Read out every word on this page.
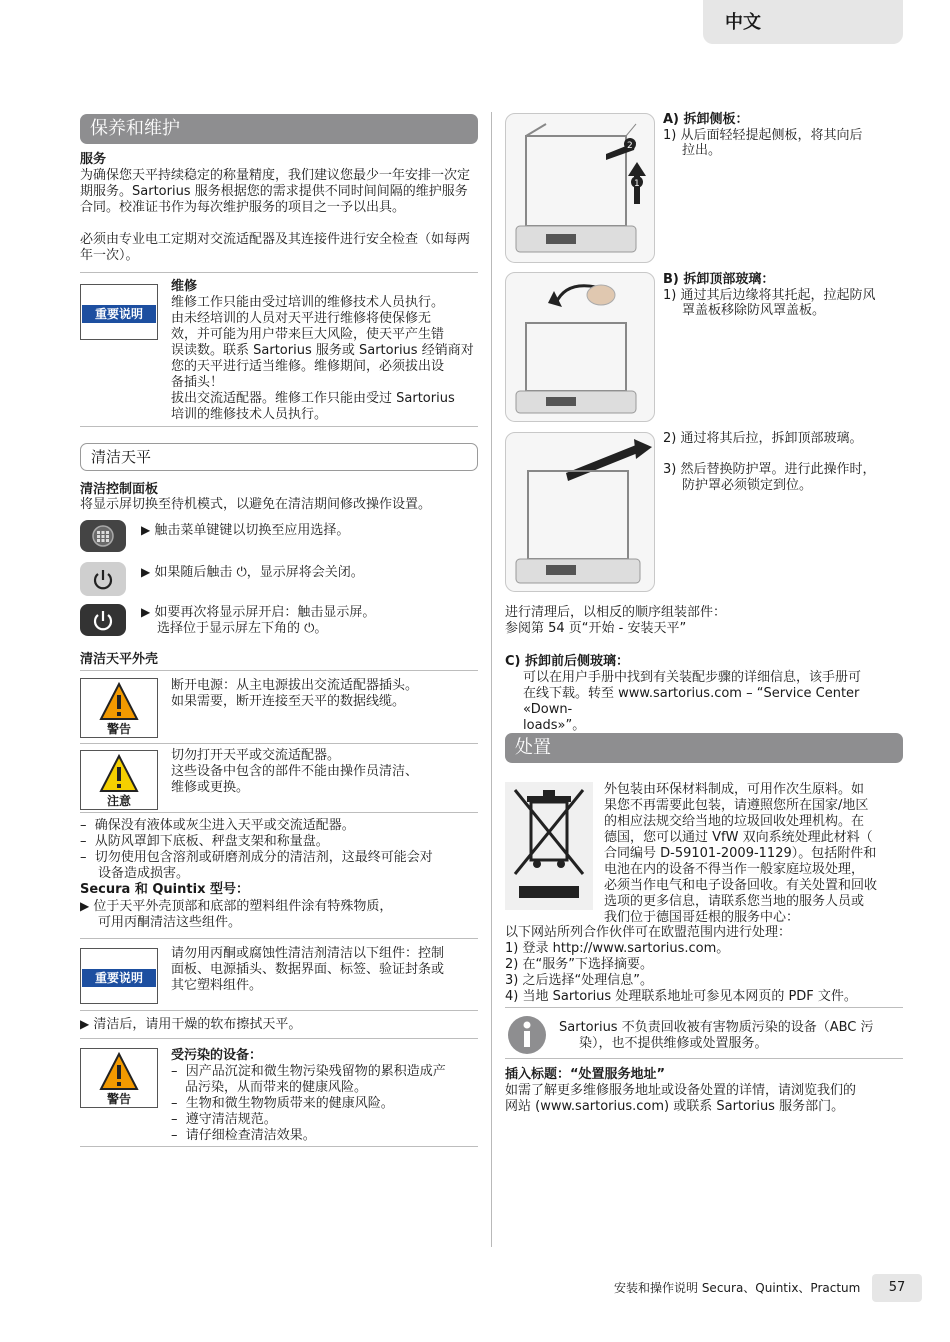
中文
保养和维护
服务
为确保您天平持续稳定的称量精度，我们建议您最少一年安排一次定期服务。Sartorius 服务根据您的需求提供不同时间间隔的维护服务合同。校准证书作为每次维护服务的项目之一予以出具。
必须由专业电工定期对交流适配器及其连接件进行安全检查（如每两年一次）。
重要说明
维修
维修工作只能由受过培训的维修技术人员执行。
由未经培训的人员对天平进行维修将使保修无
效，并可能为用户带来巨大风险，使天平产生错
误读数。联系 Sartorius 服务或 Sartorius 经销商对
您的天平进行适当维修。维修期间，必须拔出设
备插头！
拔出交流适配器。维修工作只能由受过 Sartorius
培训的维修技术人员执行。
清洁天平
清洁控制面板
将显示屏切换至待机模式，以避免在清洁期间修改操作设置。
▶ 触击菜单键键以切换至应用选择。
▶ 如果随后触击 ⏻，显示屏将会关闭。
▶ 如要再次将显示屏开启：触击显示屏。
选择位于显示屏左下角的 ⏻。
清洁天平外壳
警告
断开电源：从主电源拔出交流适配器插头。
如果需要，断开连接至天平的数据线缆。
注意
切勿打开天平或交流适配器。
这些设备中包含的部件不能由操作员清洁、
维修或更换。
–  确保没有液体或灰尘进入天平或交流适配器。
–  从防风罩卸下底板、秤盘支架和称量盘。
–  切勿使用包含溶剂或研磨剂成分的清洁剂，这最终可能会对
设备造成损害。
Secura 和 Quintix 型号：
▶ 位于天平外壳顶部和底部的塑料组件涂有特殊物质，
可用丙酮清洁这些组件。
重要说明
请勿用丙酮或腐蚀性清洁剂清洁以下组件：控制
面板、电源插头、数据界面、标签、验证封条或
其它塑料组件。
▶ 清洁后，请用干燥的软布擦拭天平。
警告
受污染的设备：
–  因产品沉淀和微生物污染残留物的累积造成产
品污染，从而带来的健康风险。
–  生物和微生物物质带来的健康风险。
–  遵守清洁规范。
–  请仔细检查清洁效果。
2
1
A) 拆卸侧板：
1) 从后面轻轻提起侧板，将其向后
拉出。
B) 拆卸顶部玻璃：
1) 通过其后边缘将其托起，拉起防风
罩盖板移除防风罩盖板。
2) 通过将其后拉，拆卸顶部玻璃。
3) 然后替换防护罩。进行此操作时，
防护罩必须锁定到位。
进行清理后，以相反的顺序组装部件：
参阅第 54 页“开始 - 安装天平”
C) 拆卸前后侧玻璃：
可以在用户手册中找到有关装配步骤的详细信息，该手册可
在线下载。转至 www.sartorius.com – “Service Center «Down-
loads»”。
处置
外包装由环保材料制成，可用作次生原料。如
果您不再需要此包装，请遵照您所在国家/地区
的相应法规交给当地的垃圾回收处理机构。在
德国，您可以通过 VfW 双向系统处理此材料（
合同编号 D-59101-2009-1129）。包括附件和
电池在内的设备不得当作一般家庭垃圾处理，
必须当作电气和电子设备回收。有关处置和回收
选项的更多信息，请联系您当地的服务人员或
我们位于德国哥廷根的服务中心：
以下网站所列合作伙伴可在欧盟范围内进行处理：
1) 登录 http://www.sartorius.com。
2) 在“服务”下选择摘要。
3) 之后选择“处理信息”。
4) 当地 Sartorius 处理联系地址可参见本网页的 PDF 文件。
Sartorius 不负责回收被有害物质污染的设备（ABC 污
染），也不提供维修或处置服务。
插入标题：“处置服务地址”
如需了解更多维修服务地址或设备处置的详情，请浏览我们的
网站 (www.sartorius.com) 或联系 Sartorius 服务部门。
安装和操作说明 Secura、Quintix、Practum	57
